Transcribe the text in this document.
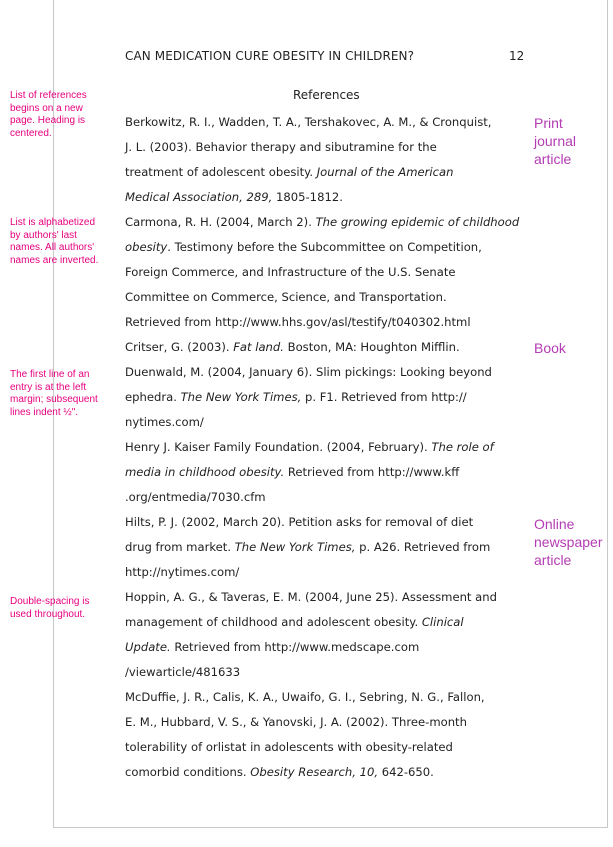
CAN MEDICATION CURE OBESITY IN CHILDREN?	12
References
Berkowitz, R. I., Wadden, T. A., Tershakovec, A. M., & Cronquist,
J. L. (2003). Behavior therapy and sibutramine for the
treatment of adolescent obesity. Journal of the American
Medical Association, 289, 1805-1812.
Carmona, R. H. (2004, March 2). The growing epidemic of childhood
obesity. Testimony before the Subcommittee on Competition,
Foreign Commerce, and Infrastructure of the U.S. Senate
Committee on Commerce, Science, and Transportation.
Retrieved from http://www.hhs.gov/asl/testify/t040302.html
Critser, G. (2003). Fat land. Boston, MA: Houghton Mifflin.
Duenwald, M. (2004, January 6). Slim pickings: Looking beyond
ephedra. The New York Times, p. F1. Retrieved from http://
nytimes.com/
Henry J. Kaiser Family Foundation. (2004, February). The role of
media in childhood obesity. Retrieved from http://www.kff
.org/entmedia/7030.cfm
Hilts, P. J. (2002, March 20). Petition asks for removal of diet
drug from market. The New York Times, p. A26. Retrieved from
http://nytimes.com/
Hoppin, A. G., & Taveras, E. M. (2004, June 25). Assessment and
management of childhood and adolescent obesity. Clinical
Update. Retrieved from http://www.medscape.com
/viewarticle/481633
McDuffie, J. R., Calis, K. A., Uwaifo, G. I., Sebring, N. G., Fallon,
E. M., Hubbard, V. S., & Yanovski, J. A. (2002). Three-month
tolerability of orlistat in adolescents with obesity-related
comorbid conditions. Obesity Research, 10, 642-650.
List of references
begins on a new
page. Heading is
centered.
List is alphabetized
by authors' last
names. All authors'
names are inverted.
The first line of an
entry is at the left
margin; subsequent
lines indent ½".
Double-spacing is
used throughout.
Print
journal
article
Book
Online
newspaper
article
